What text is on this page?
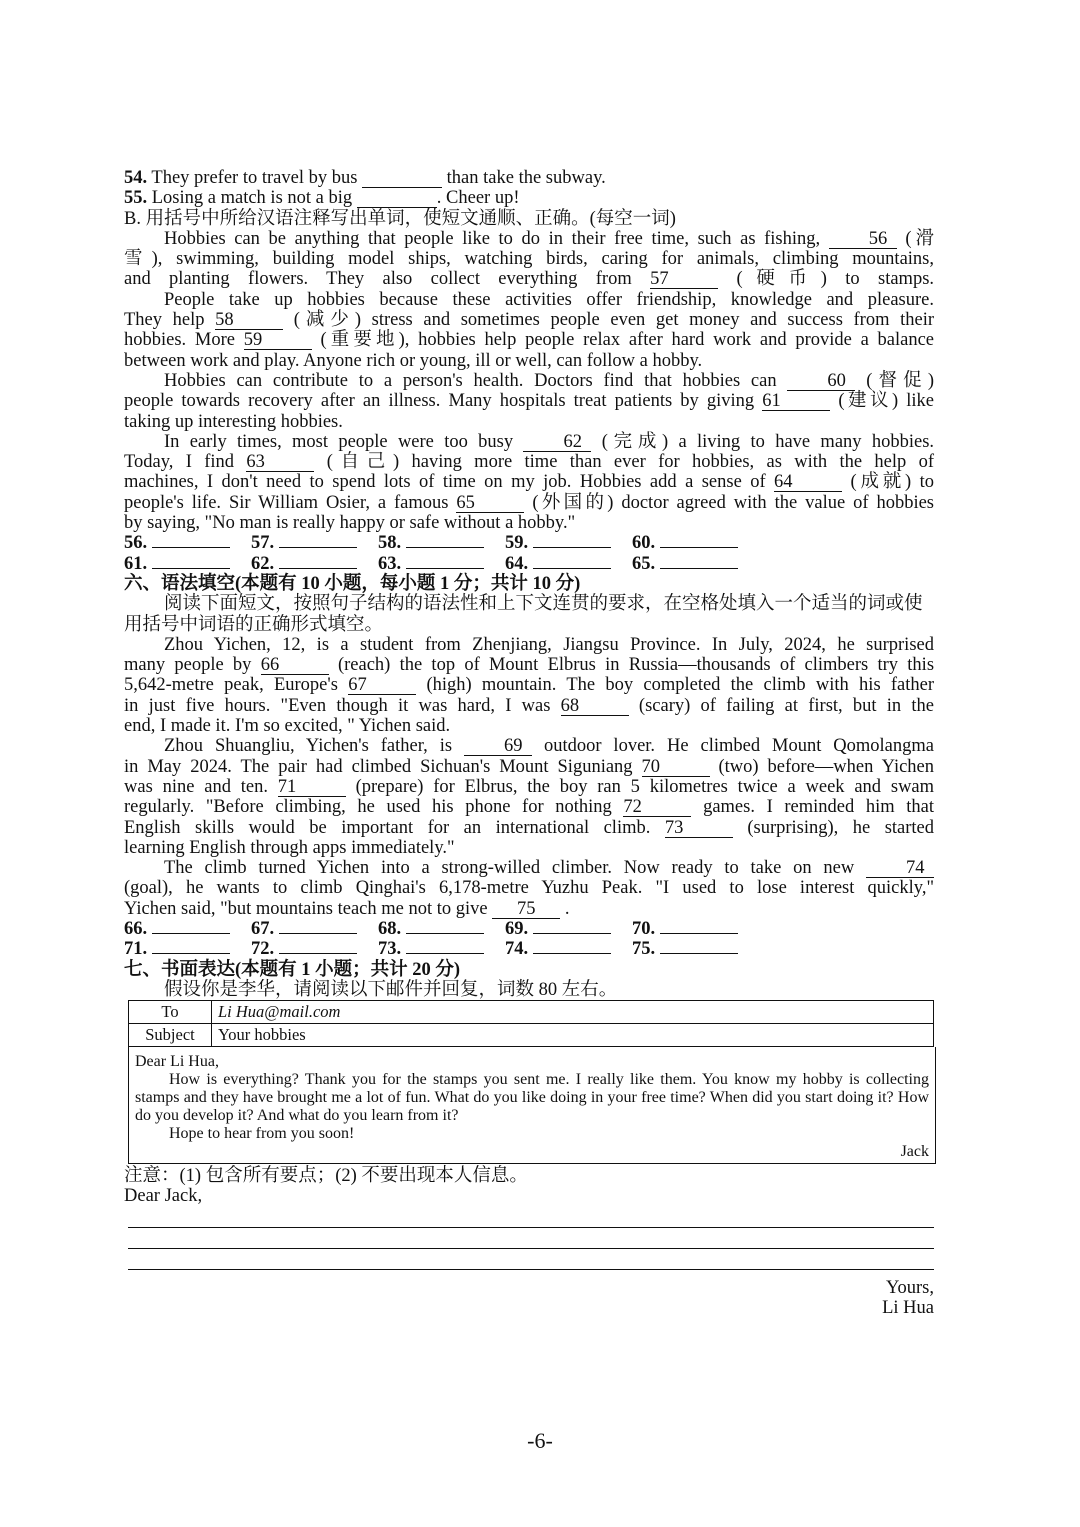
54. They prefer to travel by bus	than take the subway.
55. Losing a match is not a big	. Cheer up!
B. 用括号中所给汉语注释写出单词，使短文通顺、正确。(每空一词)
Hobbies can be anything that people like to do in their free time, such as fishing,	56 (滑
雪), swimming, building model ships, watching birds, caring for animals, climbing mountains,
and planting flowers. They also collect everything from 57	(硬币) to stamps.
People take up hobbies because these activities offer friendship, knowledge and pleasure.
They help 58	(减少) stress and sometimes people even get money and success from their
hobbies. More 59	(重要地), hobbies help people relax after hard work and provide a balance
between work and play. Anyone rich or young, ill or well, can follow a hobby.
Hobbies can contribute to a person's health. Doctors find that hobbies can	60 (督促)
people towards recovery after an illness. Many hospitals treat patients by giving 61	(建议) like
taking up interesting hobbies.
In early times, most people were too busy	62 (完成) a living to have many hobbies.
Today, I find 63	(自己) having more time than ever for hobbies, as with the help of
machines, I don't need to spend lots of time on my job. Hobbies add a sense of 64	(成就) to
people's life. Sir William Osier, a famous 65	(外国的) doctor agreed with the value of hobbies
by saying, "No man is really happy or safe without a hobby."
56.	57.	58.	59.	60.
61.	62.	63.	64.	65.
六、语法填空(本题有 10 小题，每小题 1 分；共计 10 分)
阅读下面短文，按照句子结构的语法性和上下文连贯的要求，在空格处填入一个适当的词或使
用括号中词语的正确形式填空。
Zhou Yichen, 12, is a student from Zhenjiang, Jiangsu Province. In July, 2024, he surprised
many people by 66	(reach) the top of Mount Elbrus in Russia—thousands of climbers try this
5,642-metre peak, Europe's 67	(high) mountain. The boy completed the climb with his father
in just five hours. "Even though it was hard, I was 68	(scary) of failing at first, but in the
end, I made it. I'm so excited, " Yichen said.
Zhou Shuangliu, Yichen's father, is	69 outdoor lover. He climbed Mount Qomolangma
in May 2024. The pair had climbed Sichuan's Mount Siguniang 70	(two) before—when Yichen
was nine and ten. 71	(prepare) for Elbrus, the boy ran 5 kilometres twice a week and swam
regularly. "Before climbing, he used his phone for nothing 72	games. I reminded him that
English skills would be important for an international climb. 73	(surprising), he started
learning English through apps immediately."
The climb turned Yichen into a strong-willed climber. Now ready to take on new	74
(goal), he wants to climb Qinghai's 6,178-metre Yuzhu Peak. "I used to lose interest quickly,"
Yichen said, "but mountains teach me not to give 75 .
66.	67.	68.	69.	70.
71.	72.	73.	74.	75.
七、书面表达(本题有 1 小题；共计 20 分)
假设你是李华，请阅读以下邮件并回复，词数 80 左右。
To	Li Hua@mail.com
Subject	Your hobbies
Dear Li Hua,
How is everything? Thank you for the stamps you sent me. I really like them. You know my hobby is collecting stamps and they have brought me a lot of fun. What do you like doing in your free time? When did you start doing it? How do you develop it? And what do you learn from it?
Hope to hear from you soon!
Jack
注意：(1) 包含所有要点；(2) 不要出现本人信息。
Dear Jack,
Yours,
Li Hua
-6-
